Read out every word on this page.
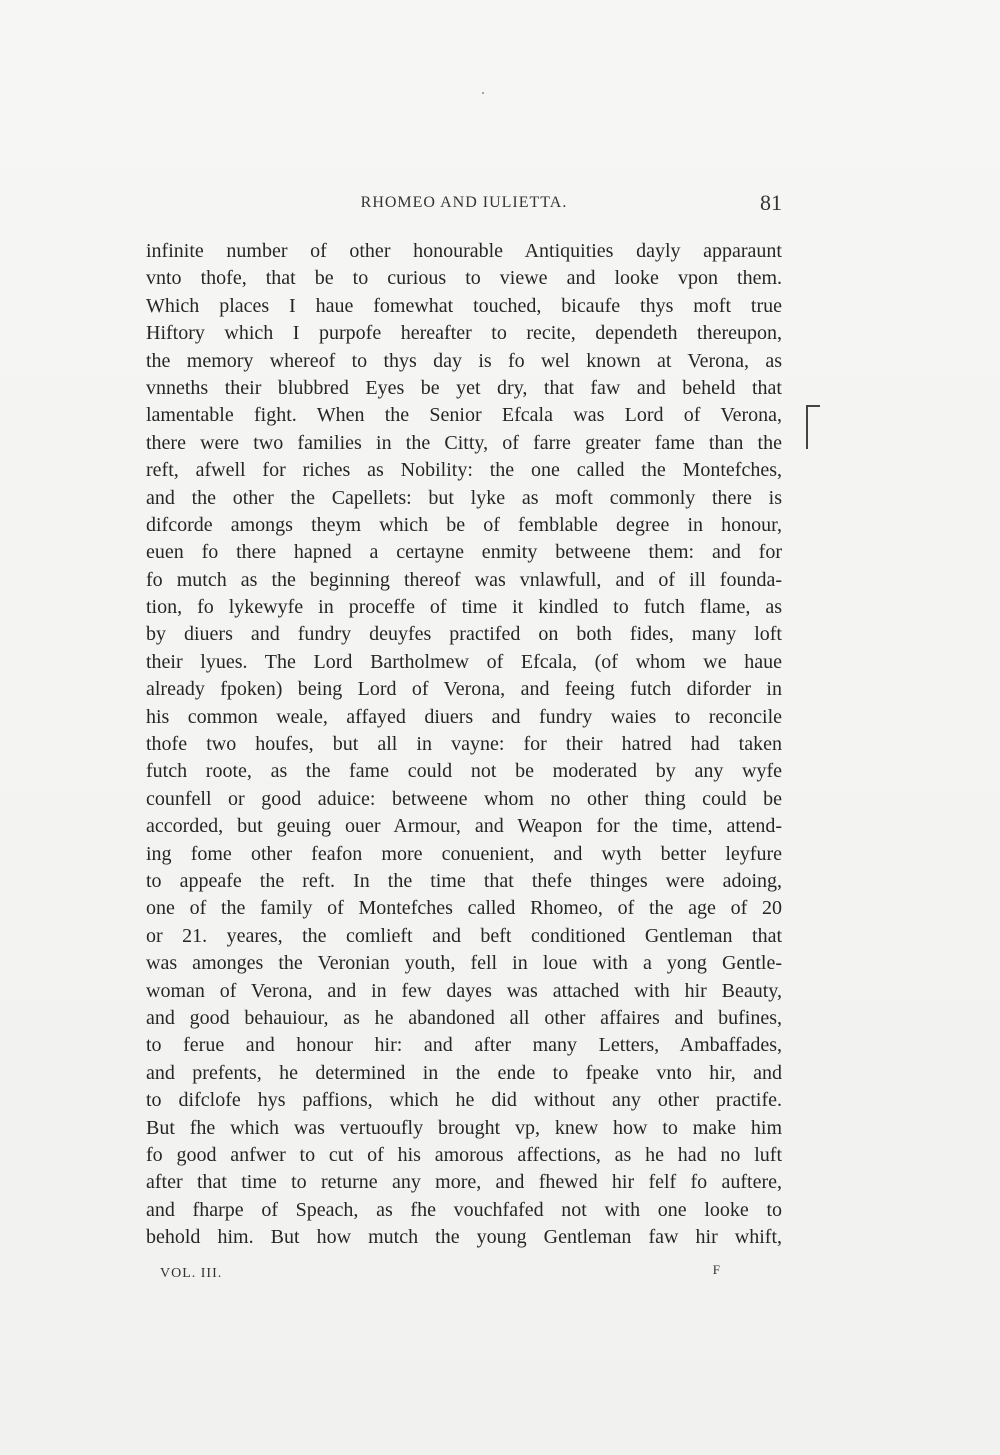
RHOMEO AND IULIETTA.	81
infinite number of other honourable Antiquities dayly apparaunt
vnto thofe, that be to curious to viewe and looke vpon them.
Which places I haue fomewhat touched, bicaufe thys moft true
Hiftory which I purpofe hereafter to recite, dependeth thereupon,
the memory whereof to thys day is fo wel known at Verona, as
vnneths their blubbred Eyes be yet dry, that faw and beheld that
lamentable fight. When the Senior Efcala was Lord of Verona,
there were two families in the Citty, of farre greater fame than the
reft, afwell for riches as Nobility: the one called the Montefches,
and the other the Capellets: but lyke as moft commonly there is
difcorde amongs theym which be of femblable degree in honour,
euen fo there hapned a certayne enmity betweene them: and for
fo mutch as the beginning thereof was vnlawfull, and of ill founda-
tion, fo lykewyfe in proceffe of time it kindled to futch flame, as
by diuers and fundry deuyfes practifed on both fides, many loft
their lyues. The Lord Bartholmew of Efcala, (of whom we haue
already fpoken) being Lord of Verona, and feeing futch diforder in
his common weale, affayed diuers and fundry waies to reconcile
thofe two houfes, but all in vayne: for their hatred had taken
futch roote, as the fame could not be moderated by any wyfe
counfell or good aduice: betweene whom no other thing could be
accorded, but geuing ouer Armour, and Weapon for the time, attend-
ing fome other feafon more conuenient, and wyth better leyfure
to appeafe the reft. In the time that thefe thinges were adoing,
one of the family of Montefches called Rhomeo, of the age of 20
or 21. yeares, the comlieft and beft conditioned Gentleman that
was amonges the Veronian youth, fell in loue with a yong Gentle-
woman of Verona, and in few dayes was attached with hir Beauty,
and good behauiour, as he abandoned all other affaires and bufines,
to ferue and honour hir: and after many Letters, Ambaffades,
and prefents, he determined in the ende to fpeake vnto hir, and
to difclofe hys paffions, which he did without any other practife.
But fhe which was vertuoufly brought vp, knew how to make him
fo good anfwer to cut of his amorous affections, as he had no luft
after that time to returne any more, and fhewed hir felf fo auftere,
and fharpe of Speach, as fhe vouchfafed not with one looke to
behold him. But how mutch the young Gentleman faw hir whift,
VOL. III.	F
